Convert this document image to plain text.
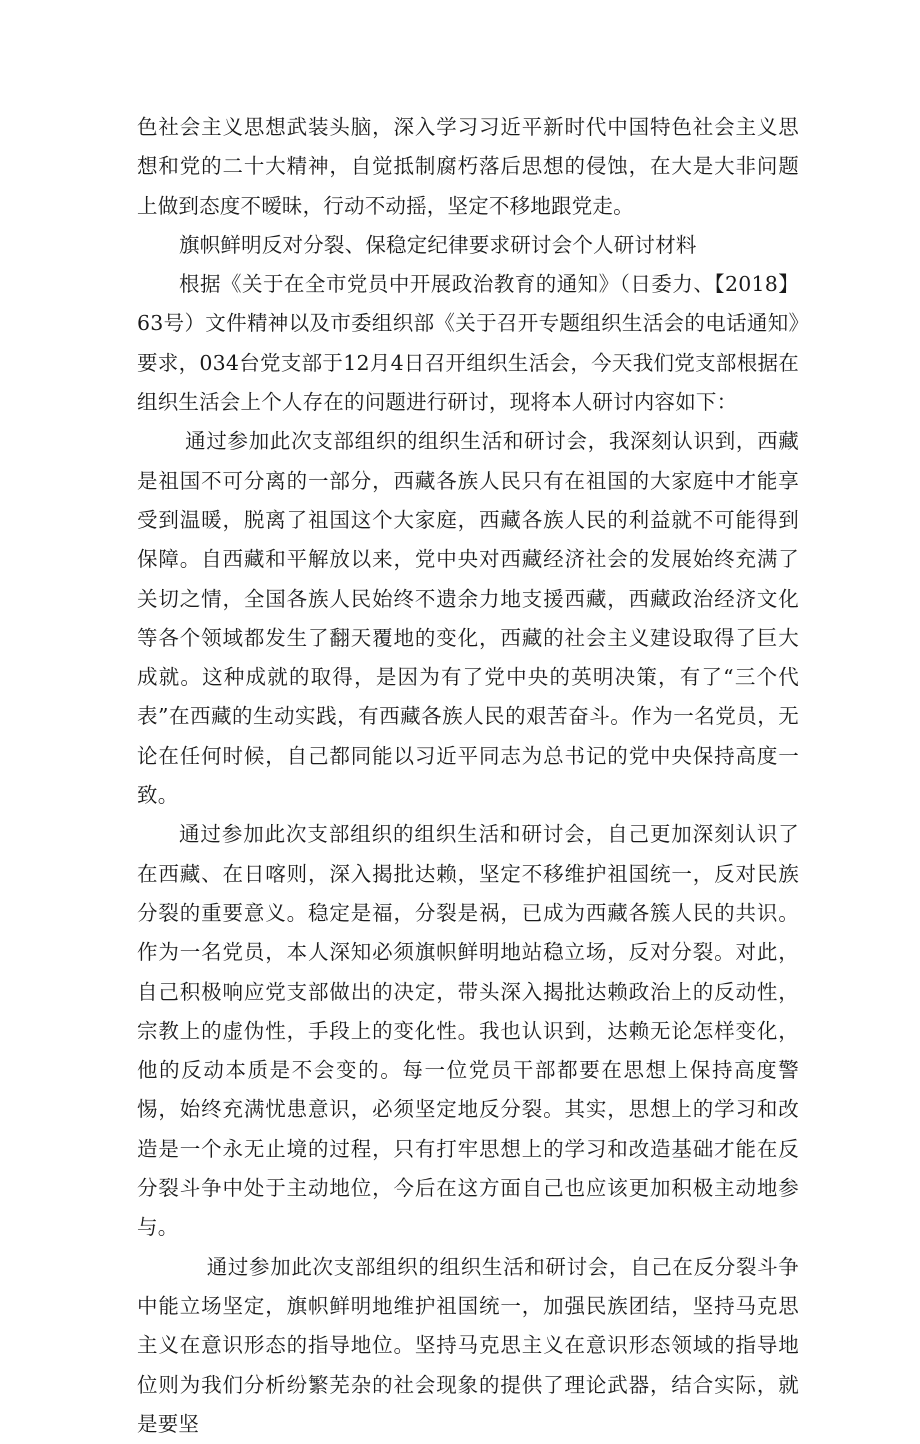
色社会主义思想武装头脑，深入学习习近平新时代中国特色社会主义思想和党的二十大精神，自觉抵制腐朽落后思想的侵蚀，在大是大非问题上做到态度不暧昧，行动不动摇，坚定不移地跟党走。

旗帜鲜明反对分裂、保稳定纪律要求研讨会个人研讨材料

根据《关于在全市党员中开展政治教育的通知》（日委力、【2018】63号）文件精神以及市委组织部《关于召开专题组织生活会的电话通知》要求，034台党支部于12月4日召开组织生活会，今天我们党支部根据在组织生活会上个人存在的问题进行研讨，现将本人研讨内容如下：

通过参加此次支部组织的组织生活和研讨会，我深刻认识到，西藏是祖国不可分离的一部分，西藏各族人民只有在祖国的大家庭中才能享受到温暖，脱离了祖国这个大家庭，西藏各族人民的利益就不可能得到保障。自西藏和平解放以来，党中央对西藏经济社会的发展始终充满了关切之情，全国各族人民始终不遗余力地支援西藏，西藏政治经济文化等各个领域都发生了翻天覆地的变化，西藏的社会主义建设取得了巨大成就。这种成就的取得，是因为有了党中央的英明决策，有了“三个代表”在西藏的生动实践，有西藏各族人民的艰苦奋斗。作为一名党员，无论在任何时候，自己都同能以习近平同志为总书记的党中央保持高度一致。

通过参加此次支部组织的组织生活和研讨会，自己更加深刻认识了在西藏、在日喀则，深入揭批达赖，坚定不移维护祖国统一，反对民族分裂的重要意义。稳定是福，分裂是祸，已成为西藏各簇人民的共识。作为一名党员，本人深知必须旗帜鲜明地站稳立场，反对分裂。对此，自己积极响应党支部做出的决定，带头深入揭批达赖政治上的反动性，宗教上的虚伪性，手段上的变化性。我也认识到，达赖无论怎样变化，他的反动本质是不会变的。每一位党员干部都要在思想上保持高度警惕，始终充满忧患意识，必须坚定地反分裂。其实，思想上的学习和改造是一个永无止境的过程，只有打牢思想上的学习和改造基础才能在反分裂斗争中处于主动地位，今后在这方面自己也应该更加积极主动地参与。

通过参加此次支部组织的组织生活和研讨会，自己在反分裂斗争中能立场坚定，旗帜鲜明地维护祖国统一，加强民族团结，坚持马克思主义在意识形态的指导地位。坚持马克思主义在意识形态领域的指导地位则为我们分析纷繁芜杂的社会现象的提供了理论武器，结合实际，就是要坚
